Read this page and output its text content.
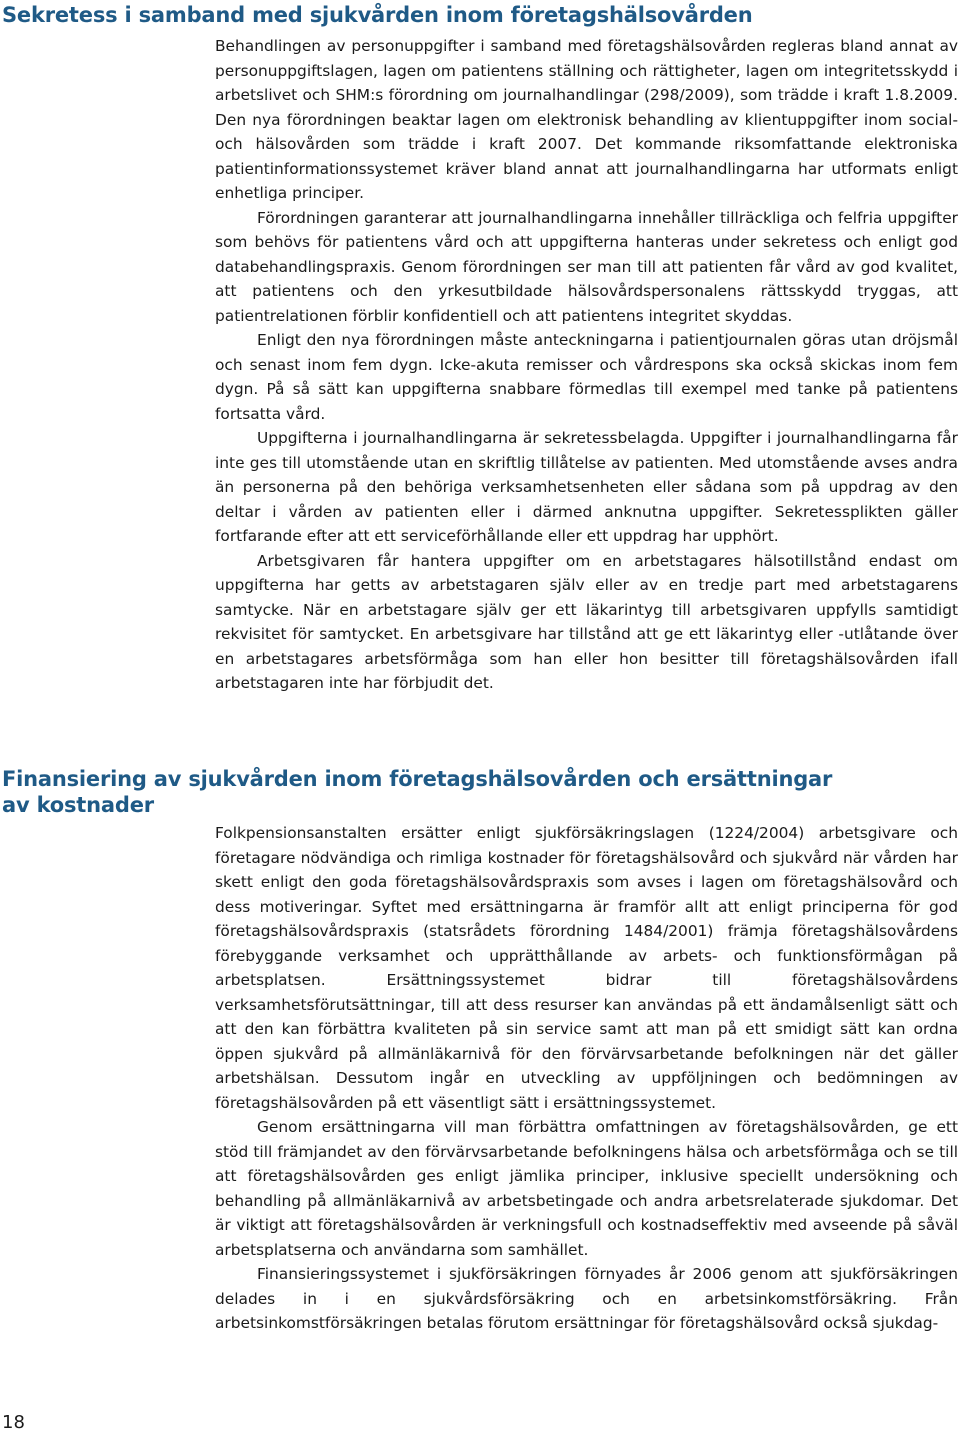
Sekretess i samband med sjukvården inom företagshälsovården

Behandlingen av personuppgifter i samband med företagshälsovården regleras bland annat av personuppgiftslagen, lagen om patientens ställning och rättigheter, lagen om integritetsskydd i arbetslivet och SHM:s förordning om journalhandlingar (298/2009), som trädde i kraft 1.8.2009. Den nya förordningen beaktar lagen om elektronisk behandling av klientuppgifter inom social- och hälsovården som trädde i kraft 2007. Det kommande riksomfattande elektroniska patientinformationssystemet kräver bland annat att journalhandlingarna har utformats enligt enhetliga principer.

Förordningen garanterar att journalhandlingarna innehåller tillräckliga och felfria uppgifter som behövs för patientens vård och att uppgifterna hanteras under sekretess och enligt god databehandlingspraxis. Genom förordningen ser man till att patienten får vård av god kvalitet, att patientens och den yrkesutbildade hälsovårdspersonalens rättsskydd tryggas, att patientrelationen förblir konfidentiell och att patientens integritet skyddas.

Enligt den nya förordningen måste anteckningarna i patientjournalen göras utan dröjsmål och senast inom fem dygn. Icke-akuta remisser och vårdrespons ska också skickas inom fem dygn. På så sätt kan uppgifterna snabbare förmedlas till exempel med tanke på patientens fortsatta vård.

Uppgifterna i journalhandlingarna är sekretessbelagda. Uppgifter i journalhandlingarna får inte ges till utomstående utan en skriftlig tillåtelse av patienten. Med utomstående avses andra än personerna på den behöriga verksamhetsenheten eller sådana som på uppdrag av den deltar i vården av patienten eller i därmed anknutna uppgifter. Sekretessplikten gäller fortfarande efter att ett serviceförhållande eller ett uppdrag har upphört.

Arbetsgivaren får hantera uppgifter om en arbetstagares hälsotillstånd endast om uppgifterna har getts av arbetstagaren själv eller av en tredje part med arbetstagarens samtycke. När en arbetstagare själv ger ett läkarintyg till arbetsgivaren uppfylls samtidigt rekvisitet för samtycket. En arbetsgivare har tillstånd att ge ett läkarintyg eller -utlåtande över en arbetstagares arbetsförmåga som han eller hon besitter till företagshälsovården ifall arbetstagaren inte har förbjudit det.

Finansiering av sjukvården inom företagshälsovården och ersättningar av kostnader

Folkpensionsanstalten ersätter enligt sjukförsäkringslagen (1224/2004) arbetsgivare och företagare nödvändiga och rimliga kostnader för företagshälsovård och sjukvård när vården har skett enligt den goda företagshälsovårdspraxis som avses i lagen om företagshälsovård och dess motiveringar. Syftet med ersättningarna är framför allt att enligt principerna för god företagshälsovårdspraxis (statsrådets förordning 1484/2001) främja företagshälsovårdens förebyggande verksamhet och upprätthållande av arbets- och funktionsförmågan på arbetsplatsen. Ersättningssystemet bidrar till företagshälsovårdens verksamhetsförutsättningar, till att dess resurser kan användas på ett ändamålsenligt sätt och att den kan förbättra kvaliteten på sin service samt att man på ett smidigt sätt kan ordna öppen sjukvård på allmänläkarnivå för den förvärvsarbetande befolkningen när det gäller arbetshälsan. Dessutom ingår en utveckling av uppföljningen och bedömningen av företagshälsovården på ett väsentligt sätt i ersättningssystemet.

Genom ersättningarna vill man förbättra omfattningen av företagshälsovården, ge ett stöd till främjandet av den förvärvsarbetande befolkningens hälsa och arbetsförmåga och se till att företagshälsovården ges enligt jämlika principer, inklusive speciellt undersökning och behandling på allmänläkarnivå av arbetsbetingade och andra arbetsrelaterade sjukdomar. Det är viktigt att företagshälsovården är verkningsfull och kostnadseffektiv med avseende på såväl arbetsplatserna och användarna som samhället.

Finansieringssystemet i sjukförsäkringen förnyades år 2006 genom att sjukförsäkringen delades in i en sjukvårdsförsäkring och en arbetsinkomstförsäkring. Från arbetsinkomstförsäkringen betalas förutom ersättningar för företagshälsovård också sjukdag-

18
